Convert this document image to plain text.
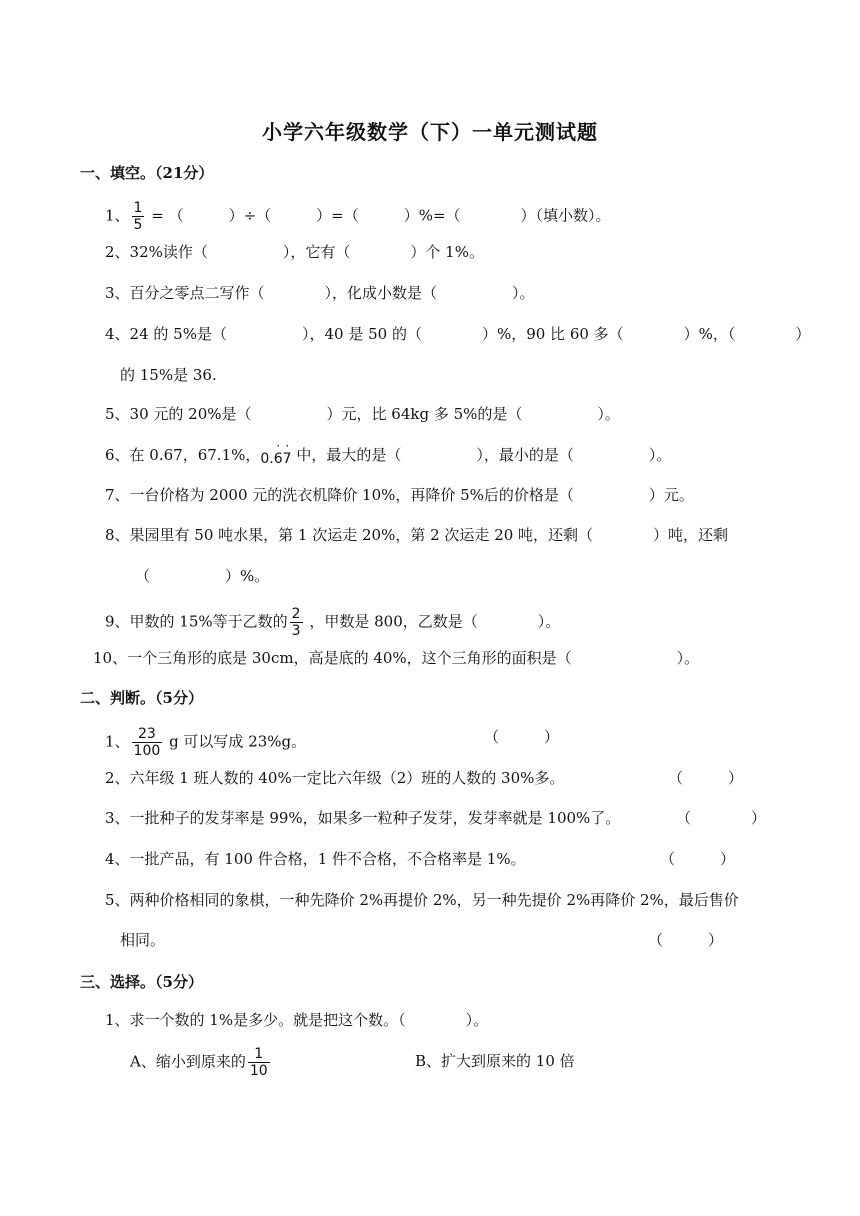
小学六年级数学（下）一单元测试题
一、填空。（21分）
1、 $\frac{1}{5}$ = （　　　）÷（　　　）=（　　　）%=（　　　　）（填小数）。
2、32%读作（　　　　　），它有（　　　　）个 1%。
3、百分之零点二写作（　　　　），化成小数是（　　　　　）。
4、24 的 5%是（　　　　　），40 是 50 的（　　　　）%，90 比 60 多（　　　　）%，（　　　　）
的 15%是 36.
5、30 元的 20%是（　　　　　）元，比 64kg 多 5%的是（　　　　　）。
6、在 0.67，67.1%，0.67
· · 中，最大的是（　　　　　），最小的是（　　　　　）。
7、一台价格为 2000 元的洗衣机降价 10%，再降价 5%后的价格是（　　　　　）元。
8、果园里有 50 吨水果，第 1 次运走 20%，第 2 次运走 20 吨，还剩（　　　　）吨，还剩
（　　　　　）%。
9、甲数的 15%等于乙数的 $\frac{2}{3}$ ，甲数是 800，乙数是（　　　　）。
10、一个三角形的底是 30cm，高是底的 40%，这个三角形的面积是（　　　　　　　）。
二、判断。（5分）
1、 $\frac{23}{100}$ g 可以写成 23%g。	（　　　）
2、六年级 1 班人数的 40%一定比六年级（2）班的人数的 30%多。	（　　　）
3、一批种子的发芽率是 99%，如果多一粒种子发芽，发芽率就是 100%了。	（　　　　）
4、一批产品，有 100 件合格，1 件不合格，不合格率是 1%。	（　　　）
5、两种价格相同的象棋，一种先降价 2%再提价 2%，另一种先提价 2%再降价 2%，最后售价
相同。	（　　　）
三、选择。（5分）
1、求一个数的 1%是多少。就是把这个数。（　　　　）。
A、缩小到原来的 $\frac{1}{10}$	B、扩大到原来的 10 倍
